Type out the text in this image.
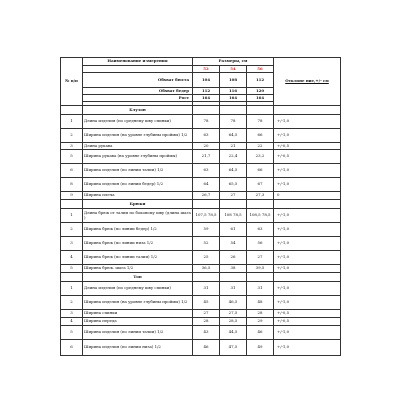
№ п/п	Наименование измерения	Размеры, см			Отклоне ние,+/- см
		52	54	56	
	Обхват бюста	104	108	112	
	Обхват бедер	112	116	120	
	Рост	164	164	164	

	Блузон				
1	Длина изделия (по среднему шву спинки)	78	78	78	+/-1,0
2	Ширина изделия (на уровне глубины проймы) 1/2	63	64,5	66	+/-1,0
3	Длина рукава	20	21	22	+/-0,5
5	Ширина рукава (на уровне глубины проймы)	21,7	22,4	23,2	+/-0,5
6	Ширина изделия (по линии талии) 1/2	63	64,5	66	+/-1,0
8	Ширина изделия (по линии бедер) 1/2	64	65,5	67	+/-1,0
9	Ширина плеча	26,7	27	27,3	0
	Брюки				
1	Длина брюк от талии по боковому шву (длина шага )	107,5 78,5	108 78,5	108,5 78,5	+/-1,0
2	Ширина брюк (по линии бедер) 1/2	59	61	63	+/-1,0
3	Ширина брюк (по линии низа 1/2	52	54	56	+/-1,0
4	Ширина брюк (по линии талии) 1/2	25	26	27	+/-1,0
5	Ширина брюк. шага 1/2	36,5	38	39,5	+/-1,0
	Топ				
1	Длина изделия (по среднему шву спинки)	31	31	31	+/-1,0
2	Ширина изделия (на уровне глубины проймы) 1/2	45	46,5	48	+/-1,0
3	Ширина спинки	27	27,5	28	+/-0,5
4	Ширина переда	28	28,5	29	+/-0,5
5	Ширина изделия (по линии талии) 1/2	43	44,5	46	+/-1,0
6	Ширина изделия (по линии низа) 1/2	46	47,5	49	+/-1,0
